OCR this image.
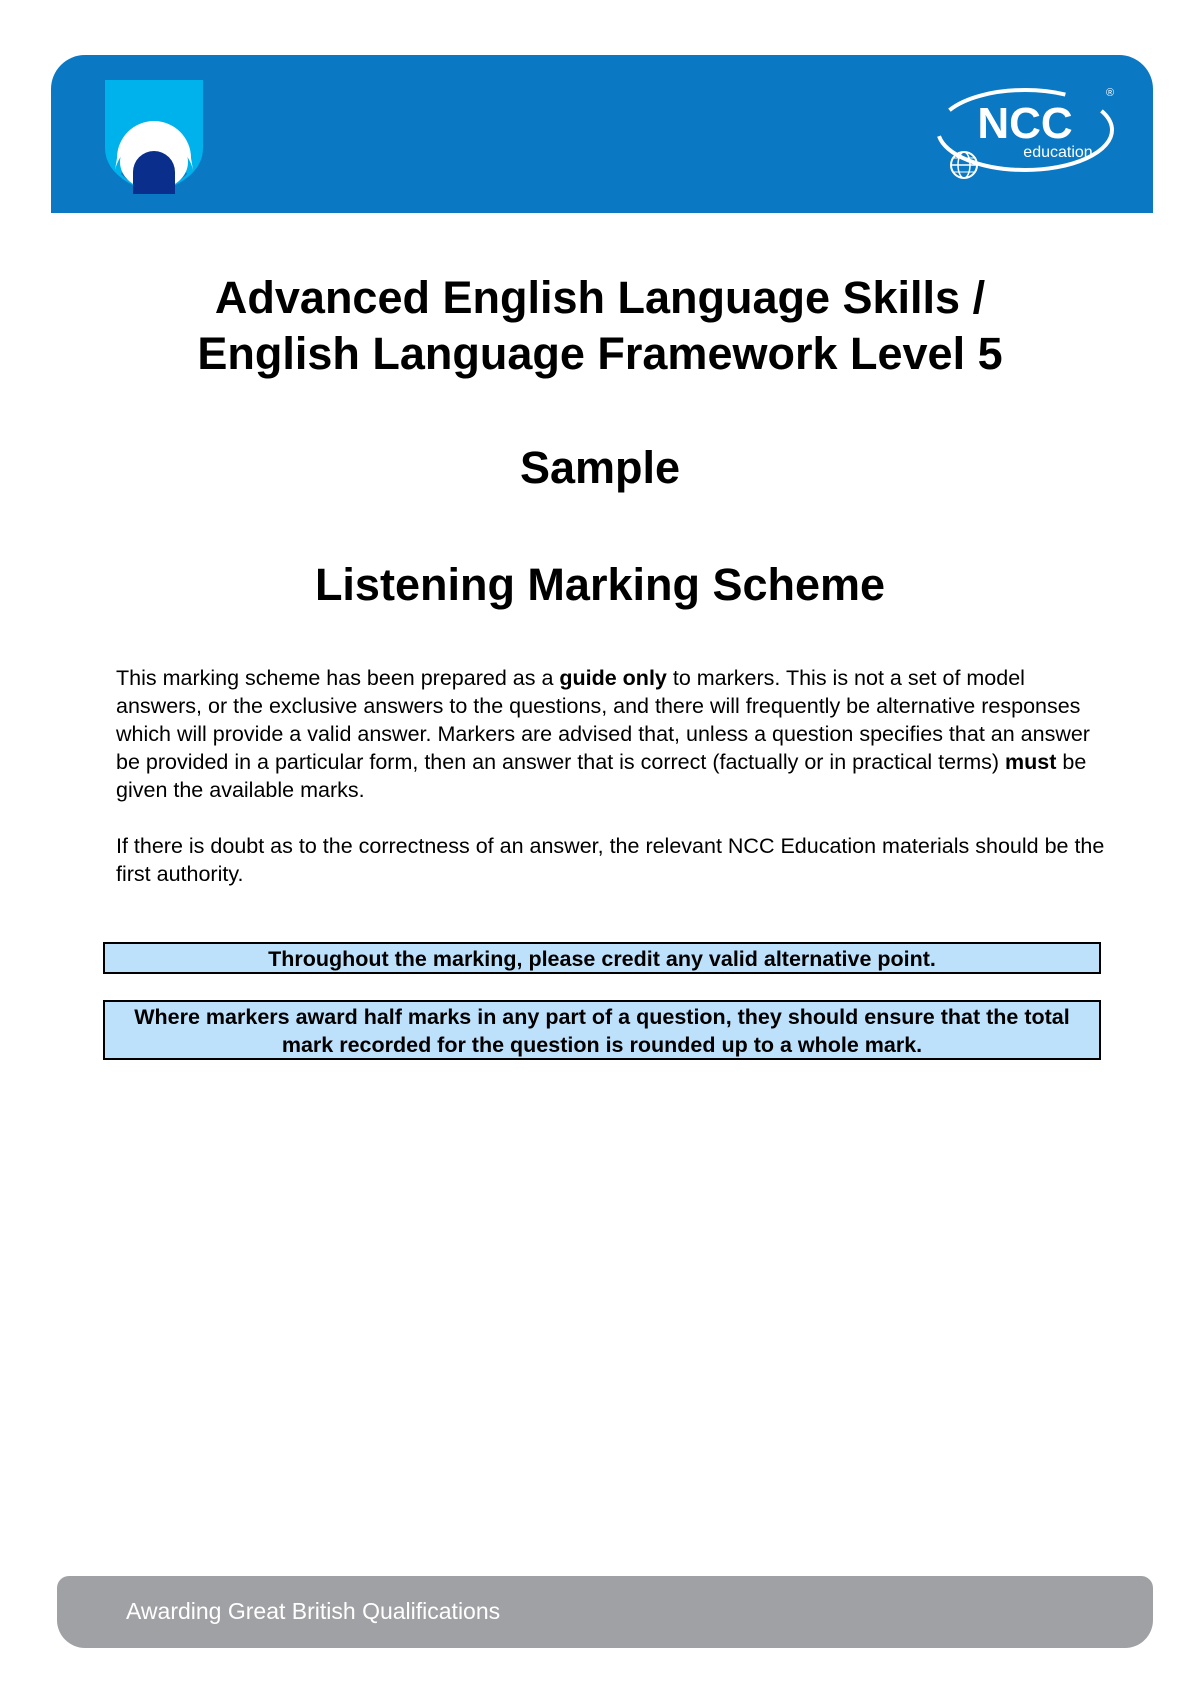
NCC
education
®

Advanced English Language Skills /

English Language Framework Level 5

Sample

Listening Marking Scheme

This marking scheme has been prepared as a guide only to markers. This is not a set of model answers, or the exclusive answers to the questions, and there will frequently be alternative responses which will provide a valid answer. Markers are advised that, unless a question specifies that an answer be provided in a particular form, then an answer that is correct (factually or in practical terms) must be given the available marks.

If there is doubt as to the correctness of an answer, the relevant NCC Education materials should be the first authority.

Throughout the marking, please credit any valid alternative point.
Where markers award half marks in any part of a question, they should ensure that the total mark recorded for the question is rounded up to a whole mark.
Awarding Great British Qualifications
